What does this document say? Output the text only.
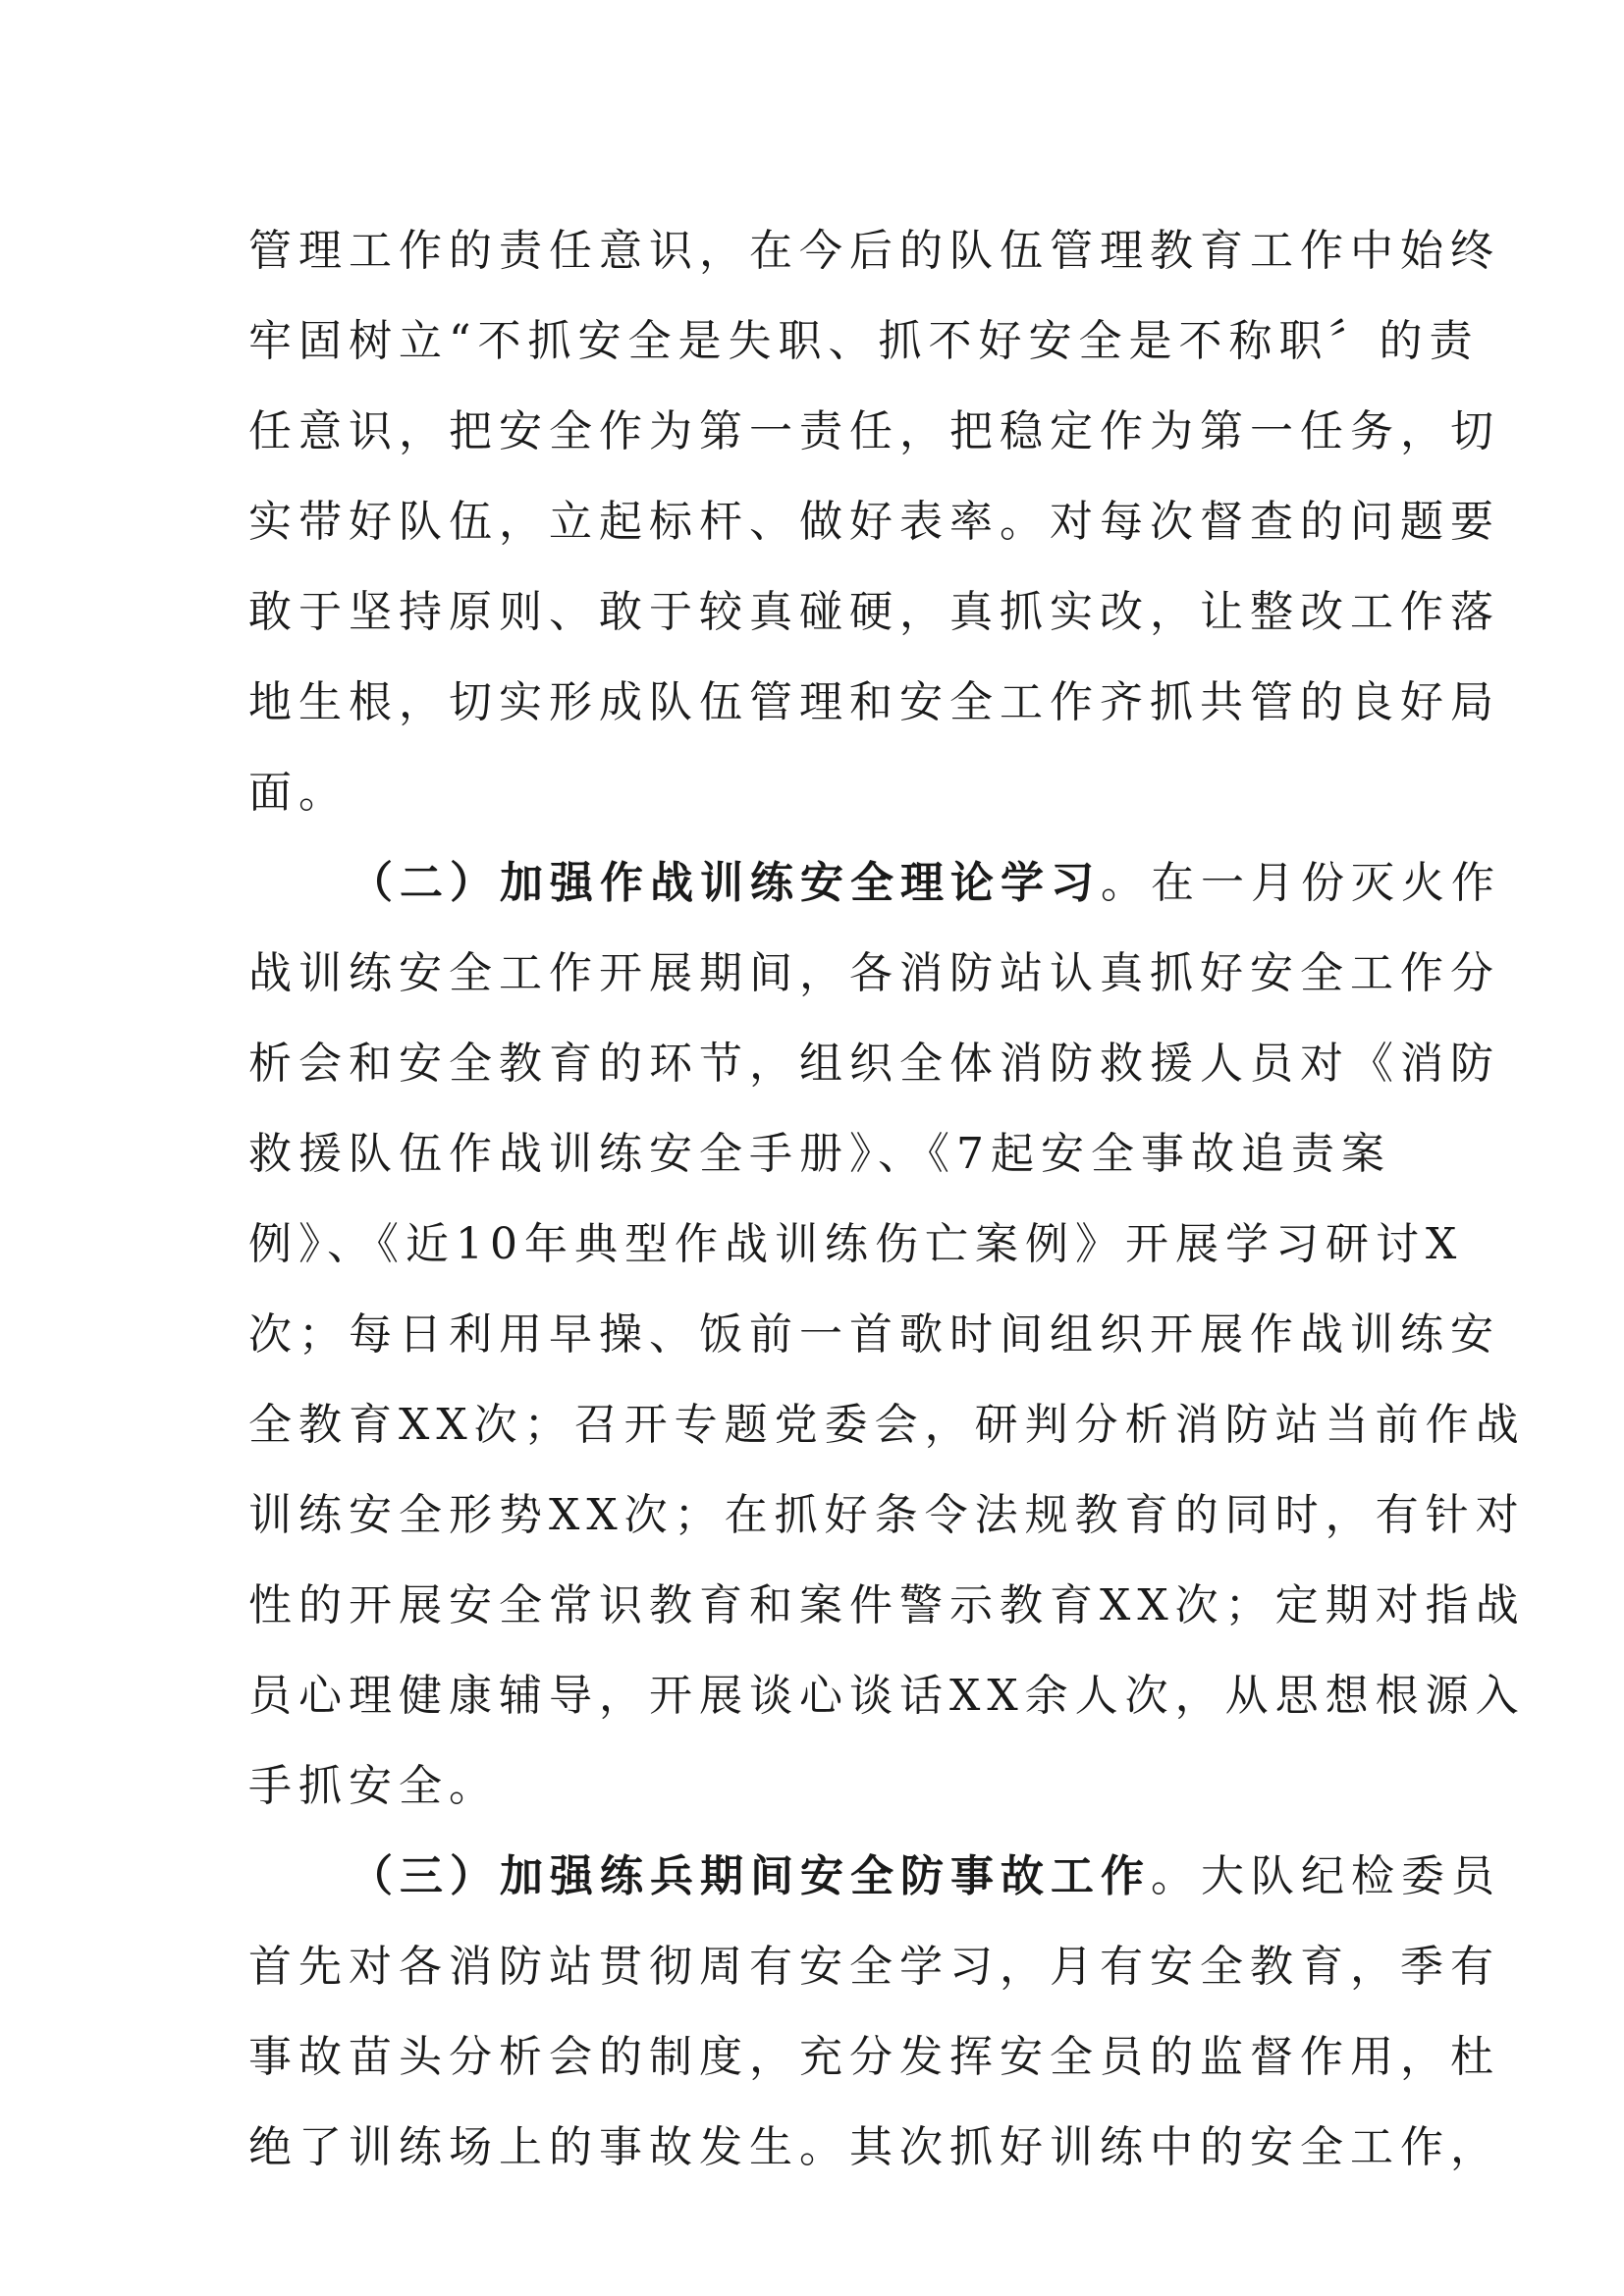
管理工作的责任意识，在今后的队伍管理教育工作中始终
牢固树立“不抓安全是失职、抓不好安全是不称职〞的责
任意识，把安全作为第一责任，把稳定作为第一任务，切
实带好队伍，立起标杆、做好表率。对每次督查的问题要
敢于坚持原则、敢于较真碰硬，真抓实改，让整改工作落
地生根，切实形成队伍管理和安全工作齐抓共管的良好局
面。
（二）加强作战训练安全理论学习。在一月份灭火作
战训练安全工作开展期间，各消防站认真抓好安全工作分
析会和安全教育的环节，组织全体消防救援人员对《消防
救援队伍作战训练安全手册》、《7起安全事故追责案
例》、《近10年典型作战训练伤亡案例》开展学习研讨X
次；每日利用早操、饭前一首歌时间组织开展作战训练安
全教育XX次；召开专题党委会，研判分析消防站当前作战
训练安全形势XX次；在抓好条令法规教育的同时，有针对
性的开展安全常识教育和案件警示教育XX次；定期对指战
员心理健康辅导，开展谈心谈话XX余人次，从思想根源入
手抓安全。
（三）加强练兵期间安全防事故工作。大队纪检委员
首先对各消防站贯彻周有安全学习，月有安全教育，季有
事故苗头分析会的制度，充分发挥安全员的监督作用，杜
绝了训练场上的事故发生。其次抓好训练中的安全工作，
